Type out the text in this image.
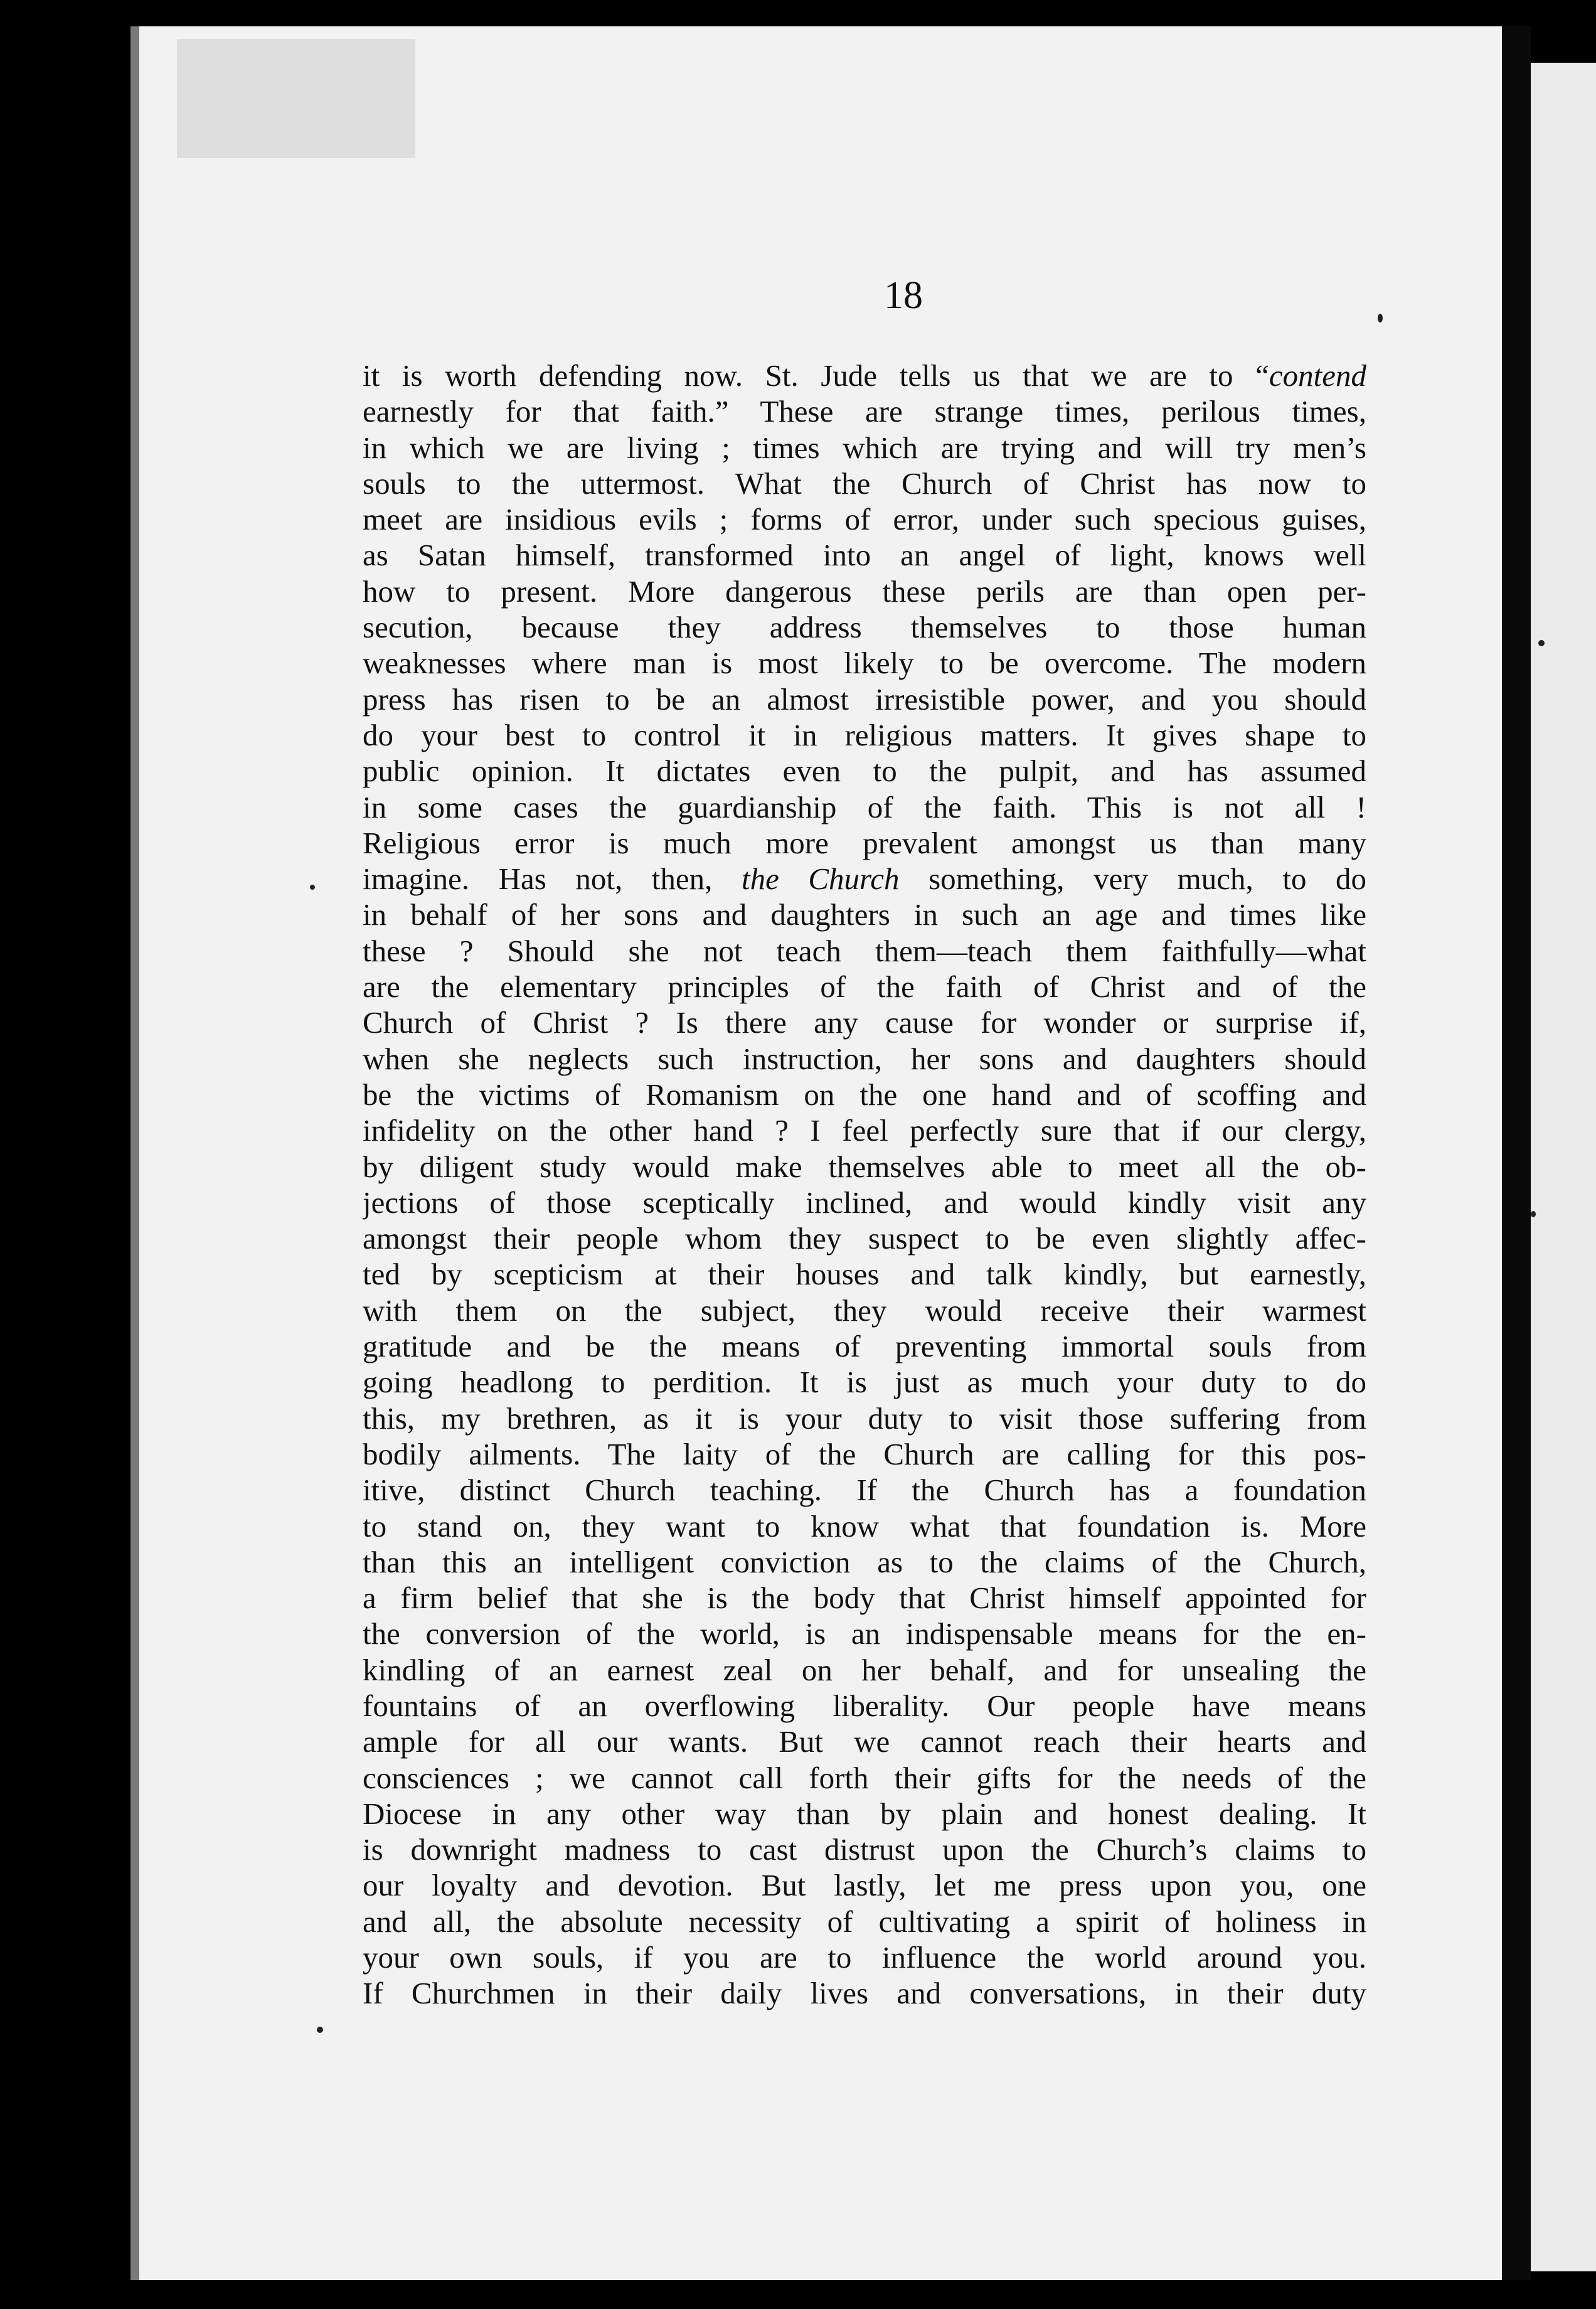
18
it is worth defending now. St. Jude tells us that we are to “contend
earnestly for that faith.” These are strange times, perilous times,
in which we are living ; times which are trying and will try men’s
souls to the uttermost. What the Church of Christ has now to
meet are insidious evils ; forms of error, under such specious guises,
as Satan himself, transformed into an angel of light, knows well
how to present. More dangerous these perils are than open per-
secution, because they address themselves to those human
weaknesses where man is most likely to be overcome. The modern
press has risen to be an almost irresistible power, and you should
do your best to control it in religious matters. It gives shape to
public opinion. It dictates even to the pulpit, and has assumed
in some cases the guardianship of the faith. This is not all !
Religious error is much more prevalent amongst us than many
imagine. Has not, then, the Church something, very much, to do
in behalf of her sons and daughters in such an age and times like
these ? Should she not teach them—teach them faithfully—what
are the elementary principles of the faith of Christ and of the
Church of Christ ? Is there any cause for wonder or surprise if,
when she neglects such instruction, her sons and daughters should
be the victims of Romanism on the one hand and of scoffing and
infidelity on the other hand ? I feel perfectly sure that if our clergy,
by diligent study would make themselves able to meet all the ob-
jections of those sceptically inclined, and would kindly visit any
amongst their people whom they suspect to be even slightly affec-
ted by scepticism at their houses and talk kindly, but earnestly,
with them on the subject, they would receive their warmest
gratitude and be the means of preventing immortal souls from
going headlong to perdition. It is just as much your duty to do
this, my brethren, as it is your duty to visit those suffering from
bodily ailments. The laity of the Church are calling for this pos-
itive, distinct Church teaching. If the Church has a foundation
to stand on, they want to know what that foundation is. More
than this an intelligent conviction as to the claims of the Church,
a firm belief that she is the body that Christ himself appointed for
the conversion of the world, is an indispensable means for the en-
kindling of an earnest zeal on her behalf, and for unsealing the
fountains of an overflowing liberality. Our people have means
ample for all our wants. But we cannot reach their hearts and
consciences ; we cannot call forth their gifts for the needs of the
Diocese in any other way than by plain and honest dealing. It
is downright madness to cast distrust upon the Church’s claims to
our loyalty and devotion. But lastly, let me press upon you, one
and all, the absolute necessity of cultivating a spirit of holiness in
your own souls, if you are to influence the world around you.
If Churchmen in their daily lives and conversations, in their duty
